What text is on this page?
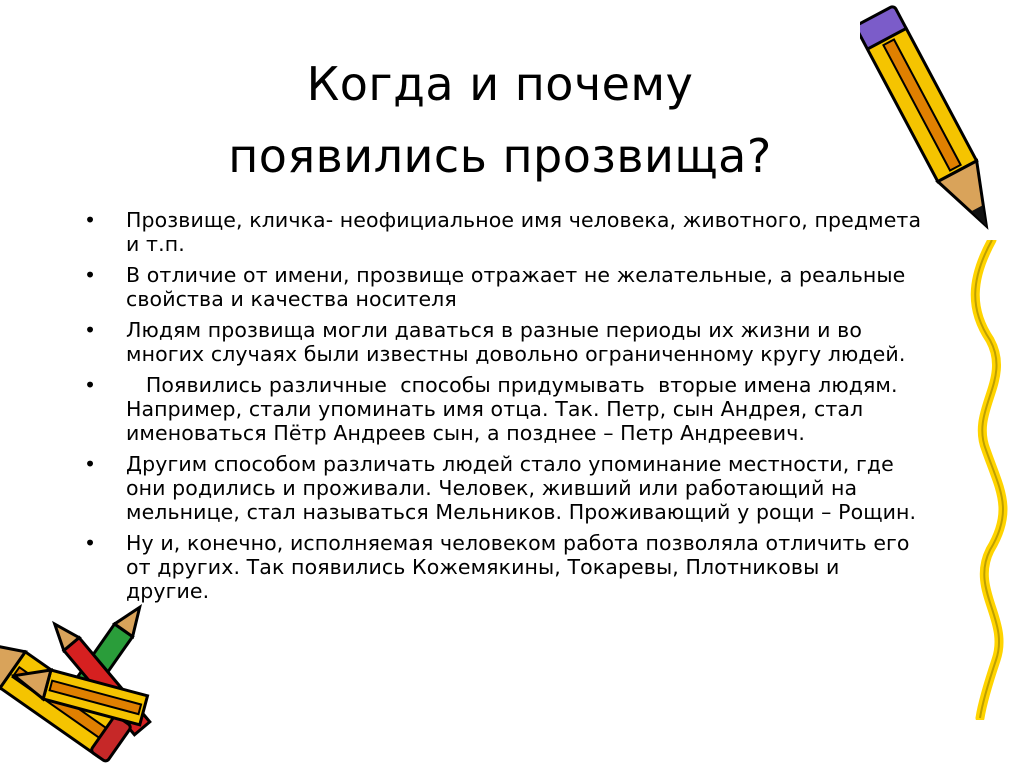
Когда и почему
появились прозвища?
•	Прозвище, кличка- неофициальное имя человека, животного, предмета и т.п.
•	В отличие от имени, прозвище отражает не желательные, а реальные свойства и качества носителя
•	Людям прозвища могли даваться в разные периоды их жизни и во многих случаях были известны довольно ограниченному кругу людей.
•	Появились различные  способы придумывать  вторые имена людям. Например, стали упоминать имя отца. Так. Петр, сын Андрея, стал именоваться Пётр Андреев сын, а позднее – Петр Андреевич.
•	Другим способом различать людей стало упоминание местности, где они родились и проживали. Человек, живший или работающий на мельнице, стал называться Мельников. Проживающий у рощи – Рощин.
•	Ну и, конечно, исполняемая человеком работа позволяла отличить его от других. Так появились Кожемякины, Токаревы, Плотниковы и другие.
